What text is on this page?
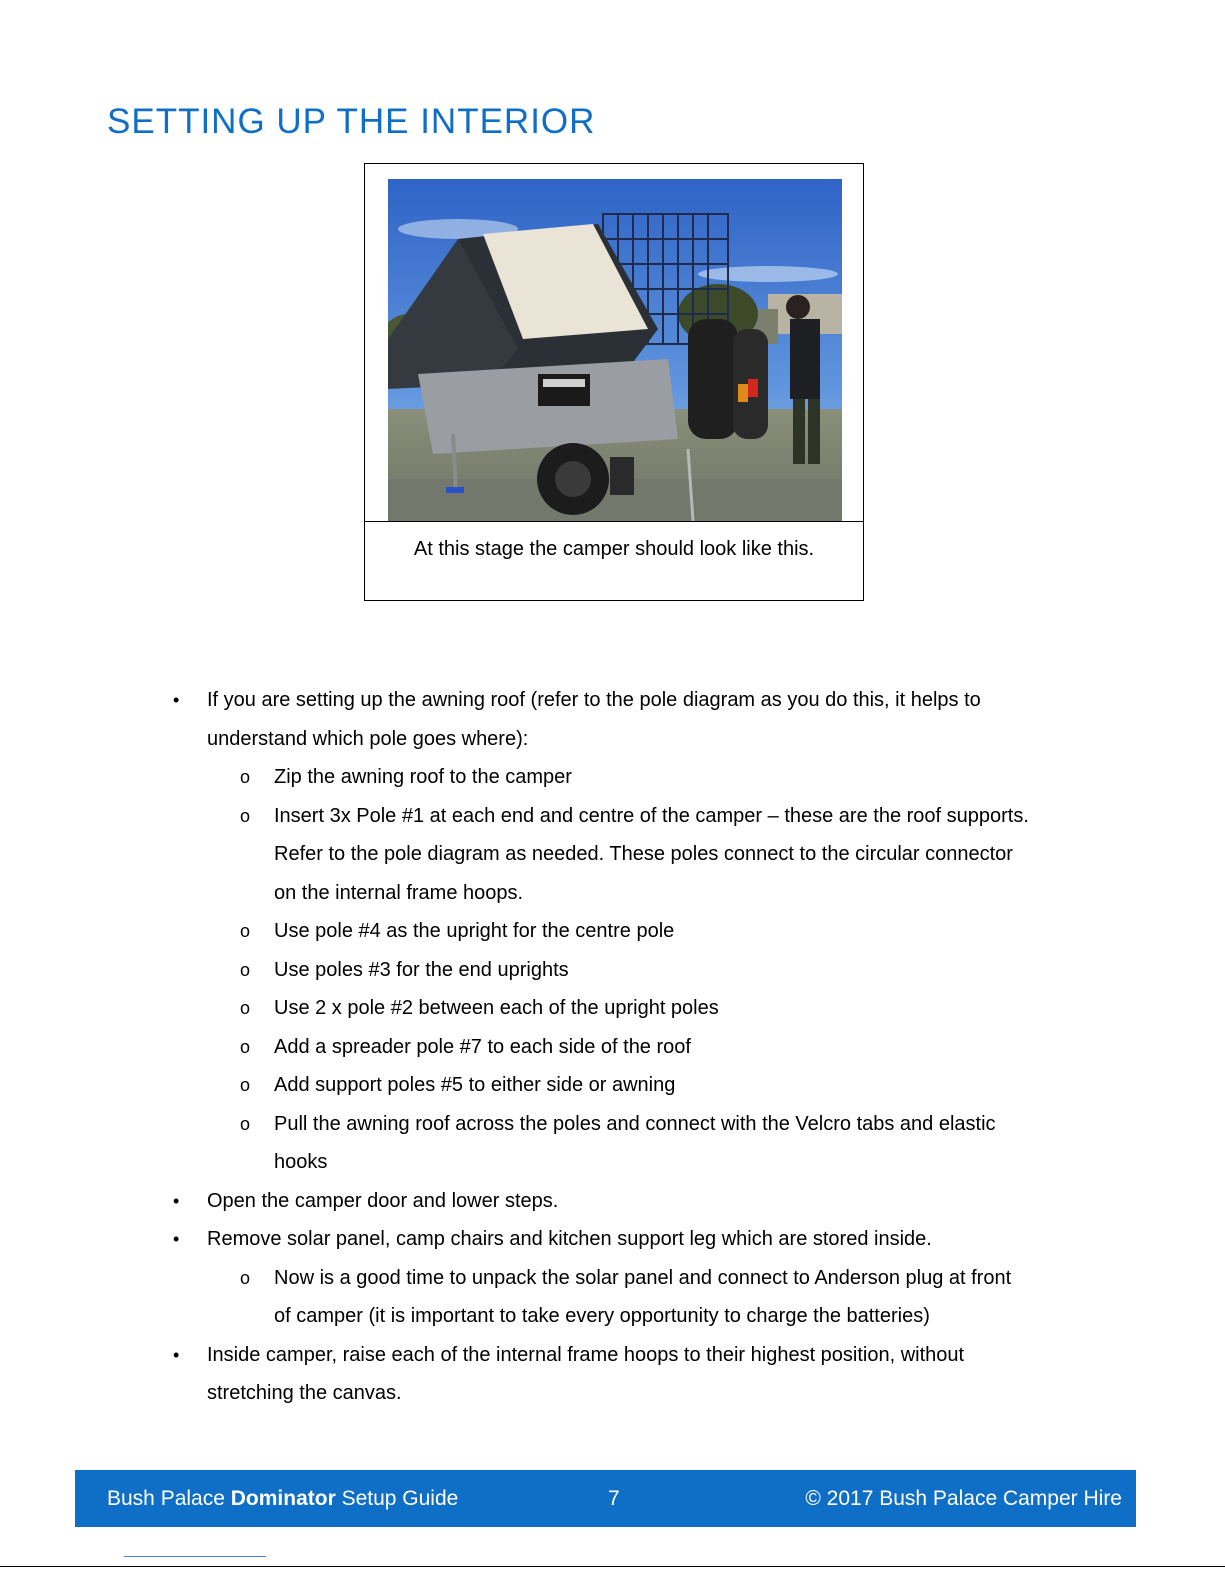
SETTING UP THE INTERIOR
At this stage the camper should look like this.
• If you are setting up the awning roof (refer to the pole diagram as you do this, it helps to
understand which pole goes where):
o Zip the awning roof to the camper
o Insert 3x Pole #1 at each end and centre of the camper – these are the roof supports.
Refer to the pole diagram as needed. These poles connect to the circular connector
on the internal frame hoops.
o Use pole #4 as the upright for the centre pole
o Use poles #3 for the end uprights
o Use 2 x pole #2 between each of the upright poles
o Add a spreader pole #7 to each side of the roof
o Add support poles #5 to either side or awning
o Pull the awning roof across the poles and connect with the Velcro tabs and elastic
hooks
• Open the camper door and lower steps.
• Remove solar panel, camp chairs and kitchen support leg which are stored inside.
o Now is a good time to unpack the solar panel and connect to Anderson plug at front
of camper (it is important to take every opportunity to charge the batteries)
• Inside camper, raise each of the internal frame hoops to their highest position, without
stretching the canvas.
Bush Palace Dominator Setup Guide	7	© 2017 Bush Palace Camper Hire
